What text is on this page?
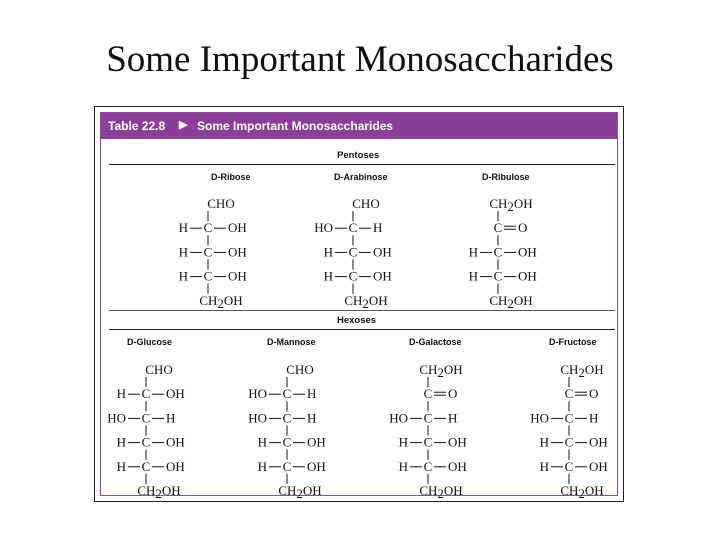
Some Important Monosaccharides
Table 22.8 ▶ Some Important Monosaccharides
Pentoses
D-Ribose	D-Arabinose	D-Ribulose
Hexoses
D-Glucose	D-Mannose	D-Galactose	D-Fructose
CHO
C
H	OH
C
H	OH
C
H	OH
CH2OH
CHO
C
HO	H
C
H	OH
C
H	OH
CH2OH
CH2OH
C O
C
H	OH
C
H	OH
CH2OH
CHO
C
H	OH
C
HO	H
C
H	OH
C
H	OH
CH2OH
CHO
C
HO	H
C
HO	H
C
H	OH
C
H	OH
CH2OH
CH2OH
C O
C
HO	H
C
H	OH
C
H	OH
CH2OH
CH2OH
C O
C
HO	H
C
H	OH
C
H	OH
CH2OH
